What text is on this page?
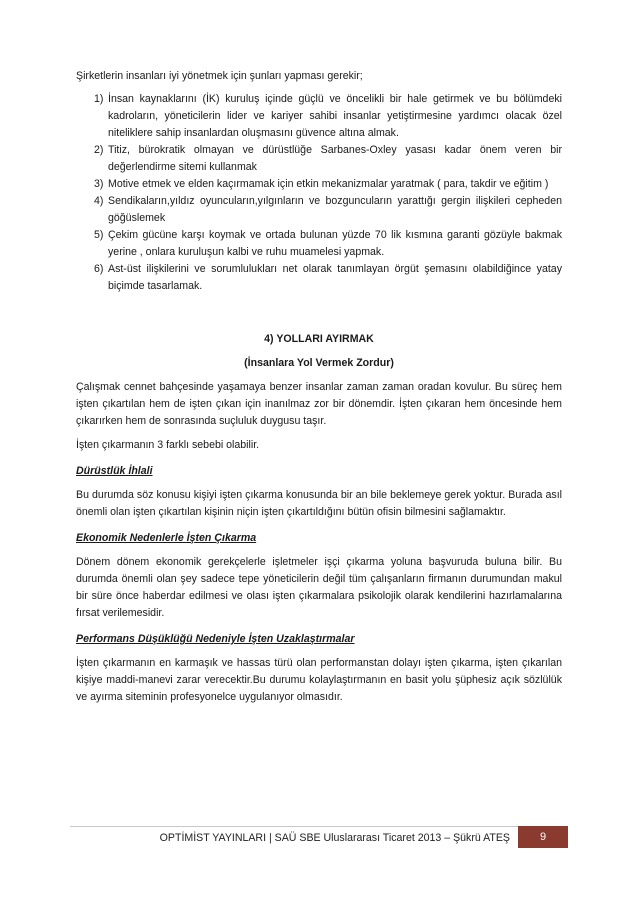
Şirketlerin insanları iyi yönetmek için şunları yapması gerekir;

1) İnsan kaynaklarını (İK) kuruluş içinde güçlü ve öncelikli bir hale getirmek ve bu bölümdeki kadroların, yöneticilerin lider ve kariyer sahibi insanlar yetiştirmesine yardımcı olacak özel niteliklere sahip insanlardan oluşmasını güvence altına almak.
2) Titiz, bürokratik olmayan ve dürüstlüğe Sarbanes-Oxley yasası kadar önem veren bir değerlendirme sitemi kullanmak
3) Motive etmek ve elden kaçırmamak için etkin mekanizmalar yaratmak ( para, takdir ve eğitim )
4) Sendikaların,yıldız oyuncuların,yılgınların ve bozguncuların yarattığı gergin ilişkileri cepheden göğüslemek
5) Çekim gücüne karşı koymak ve ortada bulunan yüzde 70 lik kısmına garanti gözüyle bakmak yerine , onlara kuruluşun kalbi ve ruhu muamelesi yapmak.
6) Ast-üst ilişkilerini ve sorumlulukları net olarak tanımlayan örgüt şemasını olabildiğince yatay biçimde tasarlamak.
4) YOLLARI AYIRMAK
(İnsanlara Yol Vermek Zordur)

Çalışmak cennet bahçesinde yaşamaya benzer insanlar zaman zaman oradan kovulur. Bu süreç hem işten çıkartılan hem de işten çıkan için inanılmaz zor bir dönemdir. İşten çıkaran hem öncesinde hem çıkarırken hem de sonrasında suçluluk duygusu taşır.

İşten çıkarmanın 3 farklı sebebi olabilir.

Dürüstlük İhlali

Bu durumda söz konusu kişiyi işten çıkarma konusunda bir an bile beklemeye gerek yoktur. Burada asıl önemli olan işten çıkartılan kişinin niçin işten çıkartıldığını bütün ofisin bilmesini sağlamaktır.

Ekonomik Nedenlerle İşten Çıkarma

Dönem dönem ekonomik gerekçelerle işletmeler işçi çıkarma yoluna başvuruda buluna bilir. Bu durumda önemli olan şey sadece tepe yöneticilerin değil tüm çalışanların firmanın durumundan makul bir süre önce haberdar edilmesi ve olası işten çıkarmalara psikolojik olarak kendilerini hazırlamalarına fırsat verilemesidir.

Performans Düşüklüğü Nedeniyle İşten Uzaklaştırmalar

İşten çıkarmanın en karmaşık ve hassas türü olan performanstan dolayı işten çıkarma, işten çıkarılan kişiye maddi-manevi zarar verecektir.Bu durumu kolaylaştırmanın en basit yolu şüphesiz açık sözlülük ve ayırma siteminin profesyonelce uygulanıyor olmasıdır.

OPTİMİST YAYINLARI | SAÜ SBE Uluslararası Ticaret 2013 – Şükrü ATEŞ	9
